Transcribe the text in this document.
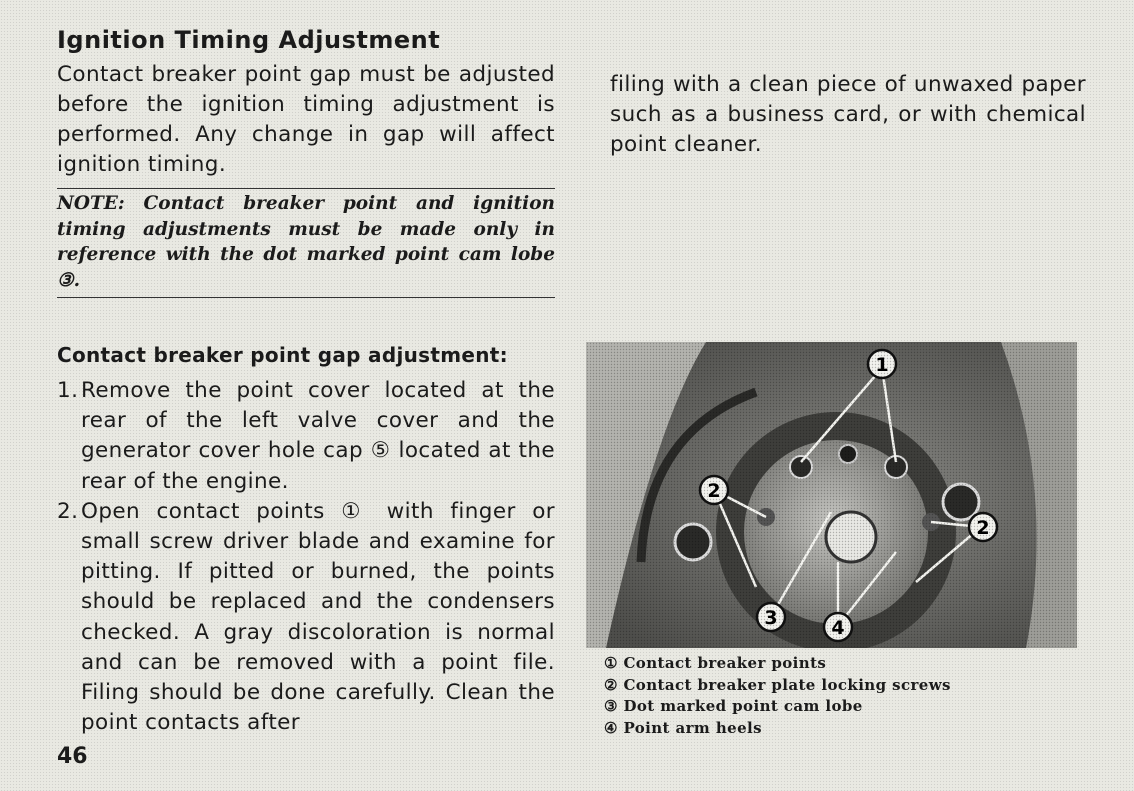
Ignition Timing Adjustment

Contact breaker point gap must be adjusted before the ignition timing adjustment is performed. Any change in gap will affect ignition timing.

NOTE: Contact breaker point and ignition timing adjustments must be made only in reference with the dot marked point cam lobe ③.
Contact breaker point gap adjustment:
1. Remove the point cover located at the rear of the left valve cover and the generator cover hole cap ⑤ located at the rear of the engine.
2. Open contact points ① with finger or small screw driver blade and examine for pitting. If pitted or burned, the points should be replaced and the condensers checked. A gray discoloration is normal and can be removed with a point file. Filing should be done carefully. Clean the point contacts after
46

filing with a clean piece of unwaxed paper such as a business card, or with chemical point cleaner.

① Contact breaker points
② Contact breaker plate locking screws
③ Dot marked point cam lobe
④ Point arm heels
